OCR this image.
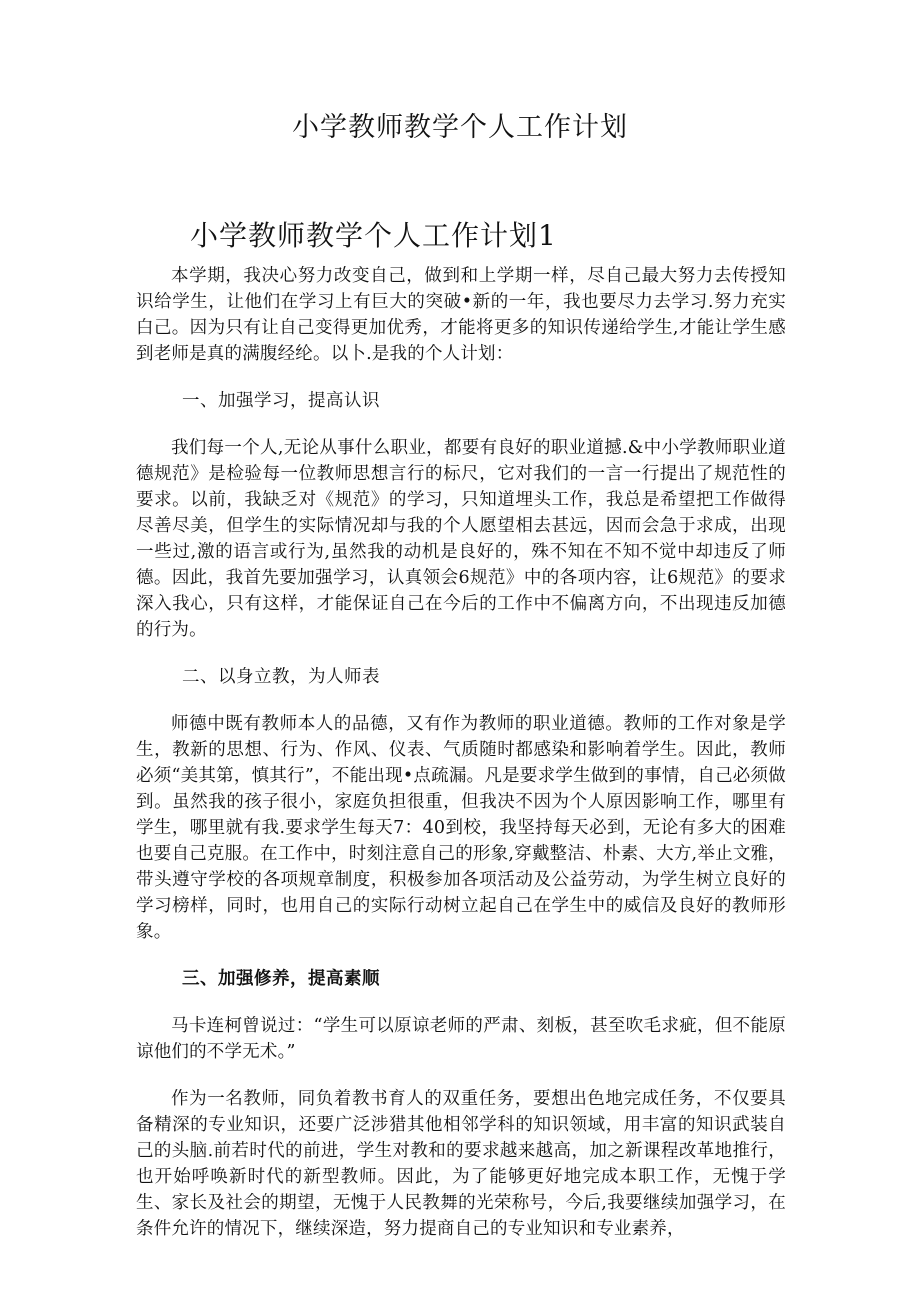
小学教师教学个人工作计划
小学教师教学个人工作计划1

本学期，我决心努力改变自己，做到和上学期一样，尽自己最大努力去传授知识给学生，让他们在学习上有巨大的突破•新的一年，我也要尽力去学习.努力充实白己。因为只有让自己变得更加优秀，才能将更多的知识传递给学生,才能让学生感到老师是真的满腹经纶。以卜.是我的个人计划：

一、加强学习，提高认识

我们每一个人,无论从事什么职业，都要有良好的职业道撼.&中小学教师职业道德规范》是检验每一位教师思想言行的标尺，它对我们的一言一行提出了规范性的要求。以前，我缺乏对《规范》的学习，只知道埋头工作，我总是希望把工作做得尽善尽美，但学生的实际情况却与我的个人愿望相去甚远，因而会急于求成，出现一些过,激的语言或行为,虽然我的动机是良好的，殊不知在不知不觉中却违反了师德。因此，我首先要加强学习，认真领会6规范》中的各项内容，让6规范》的要求深入我心，只有这样，才能保证自己在今后的工作中不偏离方向，不出现违反加德的行为。

二、以身立教，为人师表

师德中既有教师本人的品德，又有作为教师的职业道德。教师的工作对象是学生，教新的思想、行为、作风、仪表、气质随时都感染和影响着学生。因此，教师必须“美其第，慎其行”，不能出现•点疏漏。凡是要求学生做到的事情，自己必须做到。虽然我的孩子很小，家庭负担很重，但我决不因为个人原因影响工作，哪里有学生，哪里就有我.要求学生每天7：40到校，我坚持每天必到，无论有多大的困难也要自己克服。在工作中，时刻注意自己的形象,穿戴整洁、朴素、大方,举止文雅，带头遵守学校的各项规章制度，积极参加各项活动及公益劳动，为学生树立良好的学习榜样，同时，也用自己的实际行动树立起自己在学生中的威信及良好的教师形象。

三、加强修养，提高素顺

马卡连柯曾说过：“学生可以原谅老师的严肃、刻板，甚至吹毛求疵，但不能原谅他们的不学无术。”

作为一名教师，同负着教书育人的双重任务，要想出色地完成任务，不仅要具备精深的专业知识，还要广泛涉猎其他相邻学科的知识领域，用丰富的知识武装自己的头脑.前若时代的前进，学生对教和的要求越来越高，加之新课程改革地推行，也开始呼唤新时代的新型教师。因此，为了能够更好地完成本职工作，无愧于学生、家长及社会的期望，无愧于人民教舞的光荣称号，今后,我要继续加强学习，在条件允许的情况下，继续深造，努力提商自己的专业知识和专业素养，
